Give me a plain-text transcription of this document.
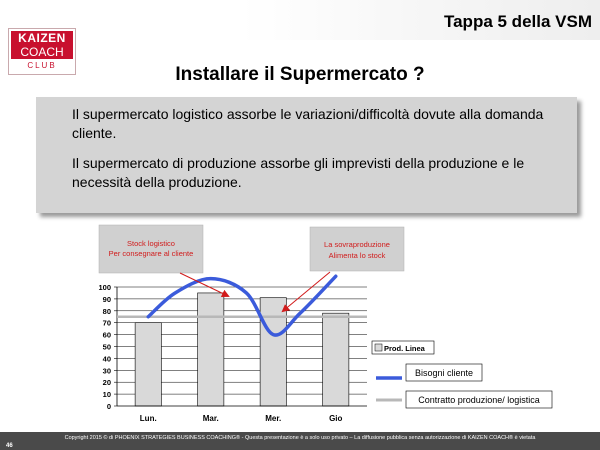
Tappa 5 della VSM
KAIZEN
COACH
CLUB	Installare il Supermercato ?

Il supermercato logistico assorbe le variazioni/difficoltà dovute alla domanda cliente.

Il supermercato di produzione assorbe gli imprevisti della produzione e le necessità della produzione.

0
10
20
30
40
50
60
70
80
90
100
Lun.	Mar.	Mer.	Gio
Stock logistico
Per consegnare al cliente
La sovraproduzione
Alimenta lo stock
Prod. Linea
Bisogni cliente
Contratto produzione/ logistica
Copyright 2015 © di PHOENIX STRATEGIES BUSINESS COACHING® - Questa presentazione è a solo uso privato – La diffusione pubblica senza autorizzazione di KAIZEN COACH® è vietata
46
